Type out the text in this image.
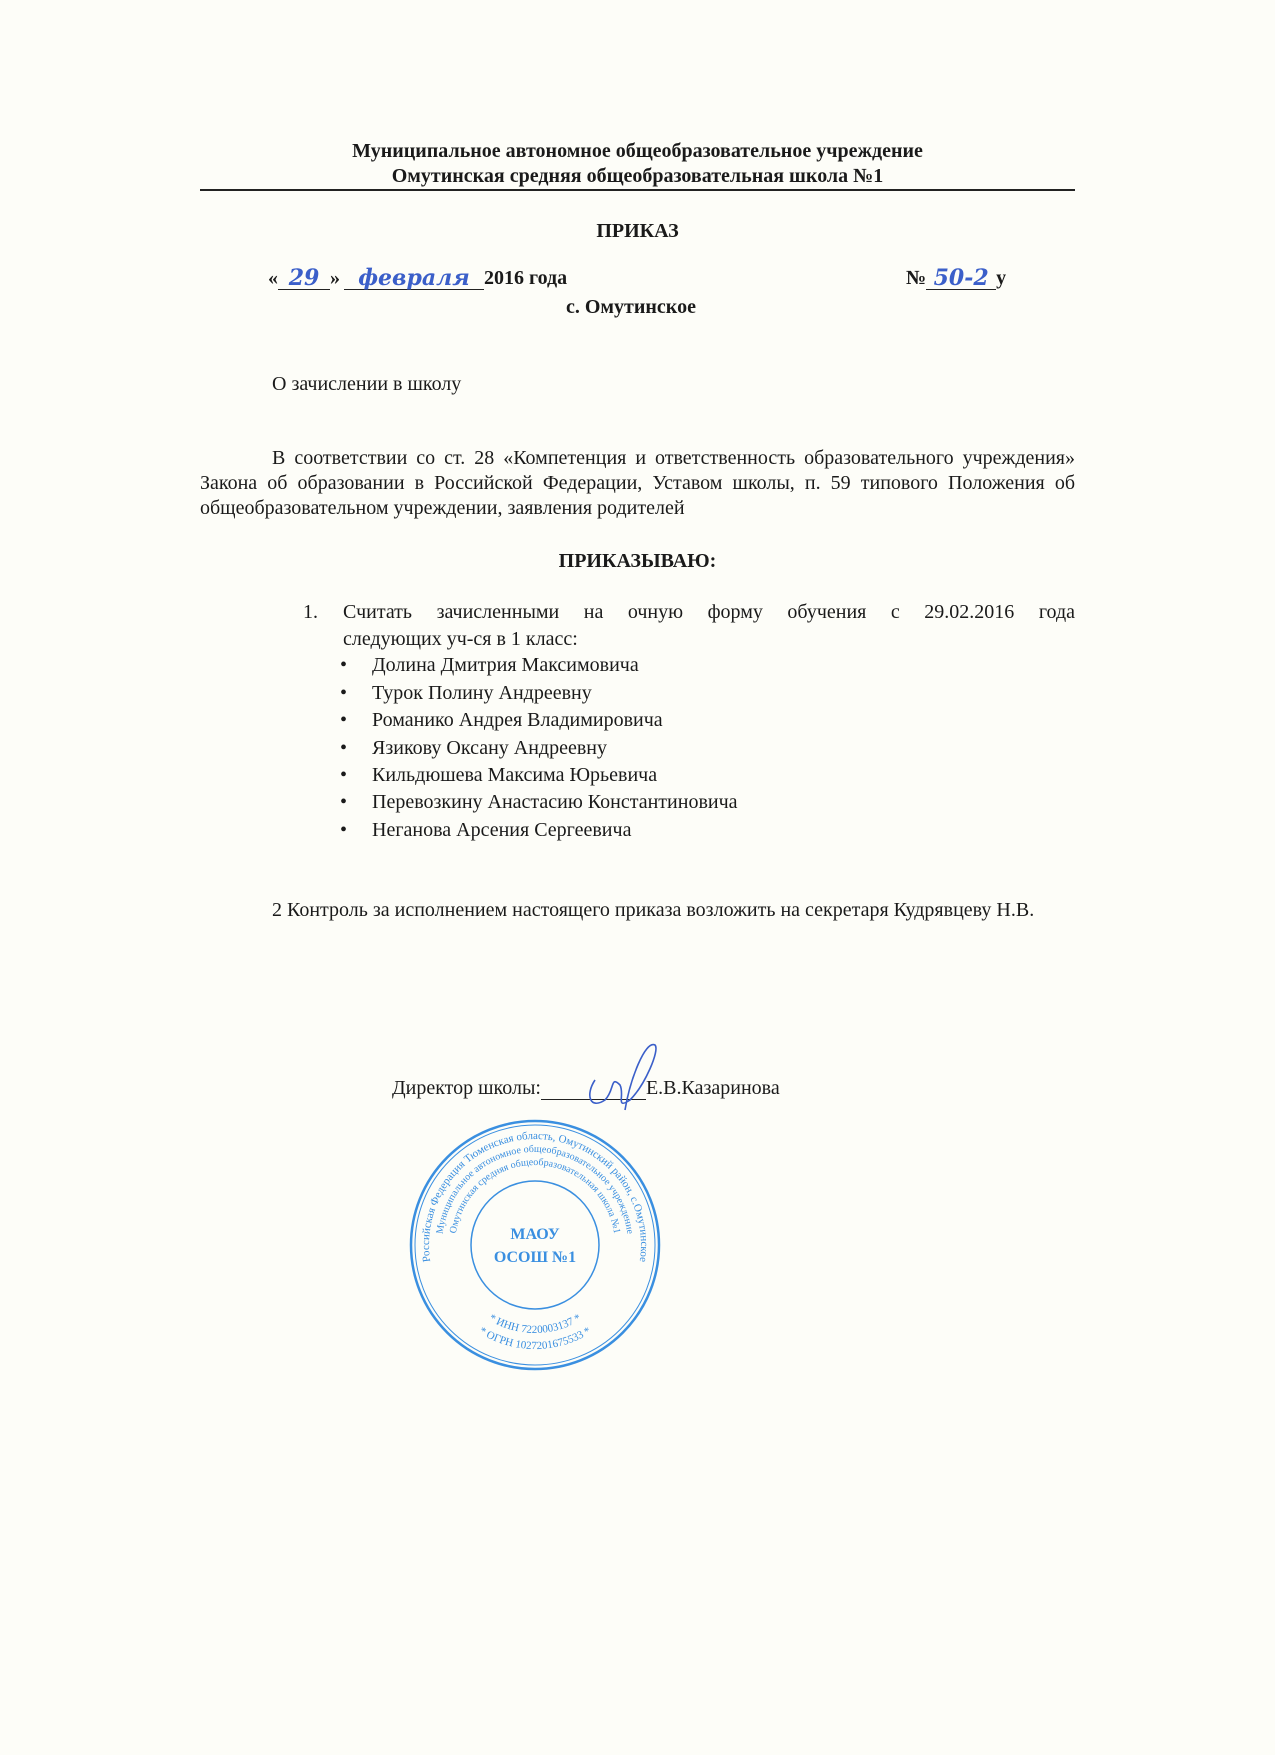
Муниципальное автономное общеобразовательное учреждение
Омутинская средняя общеобразовательная школа №1
ПРИКАЗ
« 29 » февраля 2016 года	№ 50-2 у
с. Омутинское
О зачислении в школу
В соответствии со ст. 28 «Компетенция и ответственность образовательного учреждения» Закона об образовании в Российской Федерации, Уставом школы, п. 59 типового Положения об общеобразовательном учреждении, заявления родителей
ПРИКАЗЫВАЮ:
1. Считать зачисленными на очную форму обучения с 29.02.2016 года
следующих уч-ся в 1 класс:
• Долина Дмитрия Максимовича
• Турок Полину Андреевну
• Романико Андрея Владимировича
• Язикову Оксану Андреевну
• Кильдюшева Максима Юрьевича
• Перевозкину Анастасию Константиновича
• Неганова Арсения Сергеевича
2 Контроль за исполнением настоящего приказа возложить на секретаря Кудрявцеву Н.В.
Директор школы:	Е.В.Казаринова
Российская Федерация Тюменская область, Омутинский район, с.Омутинское
Муниципальное автономное общеобразовательное учреждение
Омутинская средняя общеобразовательная школа №1
* ОГРН 1027201675533 *
* ИНН 7220003137 *
МАОУ
ОСОШ №1
